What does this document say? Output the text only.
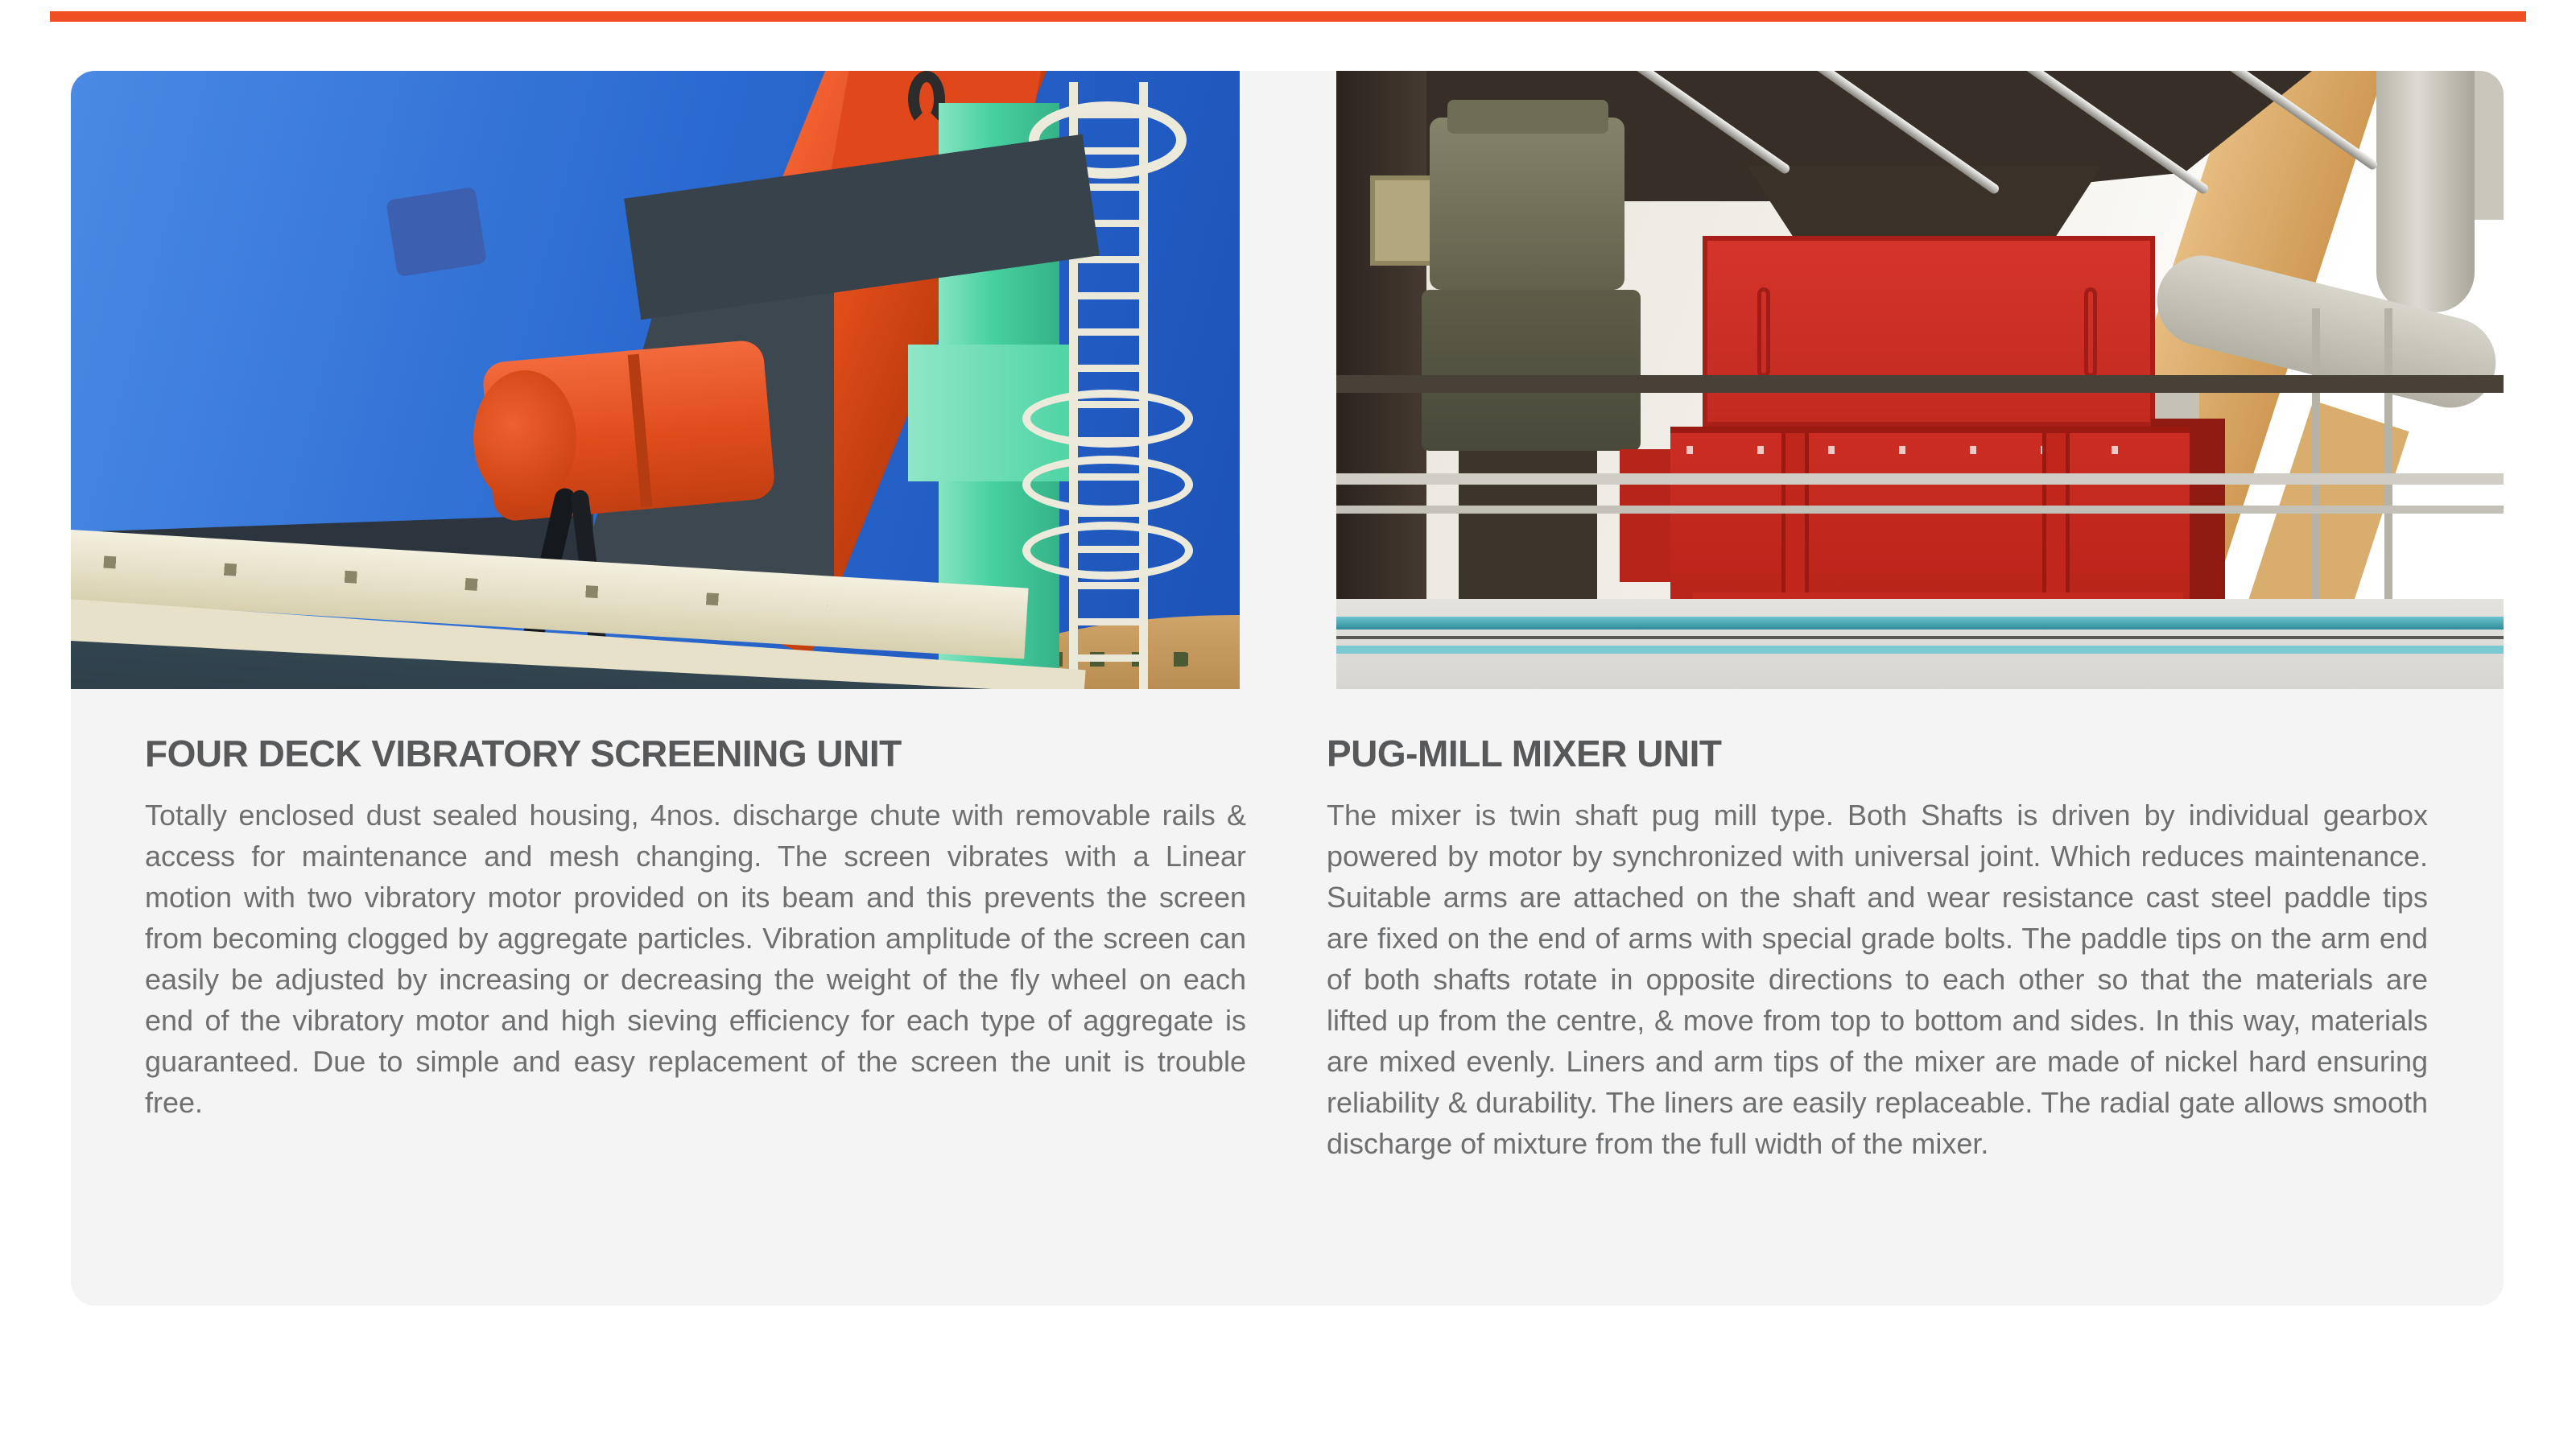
FOUR DECK VIBRATORY SCREENING UNIT

Totally enclosed dust sealed housing, 4nos. discharge chute with removable rails & access for maintenance and mesh changing. The screen vibrates with a Linear motion with two vibratory motor provided on its beam and this prevents the screen from becoming clogged by aggregate particles. Vibration amplitude of the screen can easily be adjusted by increasing or decreasing the weight of the fly wheel on each end of the vibratory motor and high sieving efficiency for each type of aggregate is guaranteed. Due to simple and easy replacement of the screen the unit is trouble free.

PUG-MILL MIXER UNIT

The mixer is twin shaft pug mill type. Both Shafts is driven by individual gearbox powered by motor by synchronized with universal joint. Which reduces maintenance. Suitable arms are attached on the shaft and wear resistance cast steel paddle tips are fixed on the end of arms with special grade bolts. The paddle tips on the arm end of both shafts rotate in opposite directions to each other so that the materials are lifted up from the centre, & move from top to bottom and sides. In this way, materials are mixed evenly. Liners and arm tips of the mixer are made of nickel hard ensuring reliability & durability. The liners are easily replaceable. The radial gate allows smooth discharge of mixture from the full width of the mixer.
